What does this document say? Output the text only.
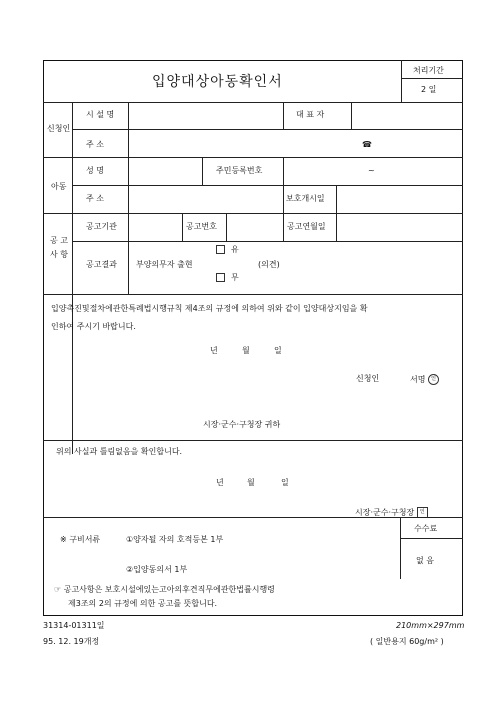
입양대상아동확인서
처리기간
2 일
신청인
시 설 명	대 표 자
주 소	☎
아동
성 명	주민등록번호	~
주 소	보호개시일
공 고
사 항
공고기관	공고번호	공고연월일
공고결과 부양의무자 출현
유
무
(의견)
입양촉진및절차에관한특례법시행규칙 제4조의 규정에 의하여 위와 같이 입양대상지임을 확
인하여 주시기 바랍니다.
년	월	일
신청인	서명 인
시장·군수·구청장 귀하
위의 사실과 틀림없음을 확인합니다.
년	월	일
시장·군수·구청장 인
수수료
없 음
※ 구비서류	①양자될 자의 호적등본 1부
②입양동의서 1부
☞ 공고사항은 보호시설에있는고아의후견직무에관한법률시행령
제3조의 2의 규정에 의한 공고를 뜻합니다.
31314-01311일
95. 12. 19개정
210mm×297mm
( 일반용지 60g/m² )
